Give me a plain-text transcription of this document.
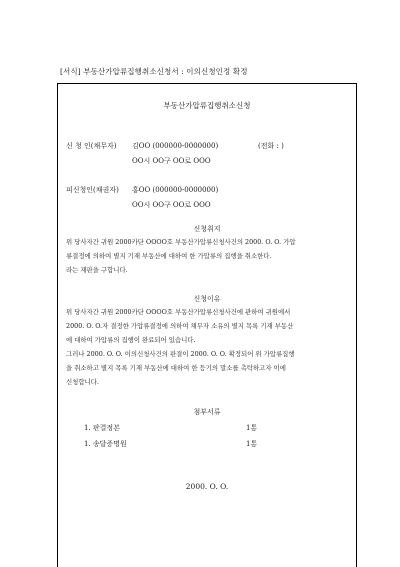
[서식] 부동산가압류집행취소신청서 : 이의신청인정 확정
부동산가압류집행취소신청
신 청 인(채무자) 김OO (000000-0000000)	(전화 : )
OO시 OO구 OO로 OOO
피신청인(채권자) 홍OO (000000-0000000)
OO시 OO구 OO로 OOO
신청취지
위 당사자간 귀원 2000카단 OOOO호 부동산가압류신청사건의 2000. O. O. 가압
류결정에 의하여 별지 기재 부동산에 대하여 한 가압류의 집행을 취소한다.
라는 재판을 구합니다.
신청이유
위 당사자간 귀원 2000카단 OOOO호 부동산가압류신청사건에 관하여 귀원에서
2000. O. O.자 결정한 가압류결정에 의하여 채무자 소유의 별지 목록 기재 부동산
에 대하여 가압류의 집행이 완료되어 있습니다.
그러나 2000. O. O. 이의신청사건의 판결이 2000. O. O. 확정되어 위 가압류집행
을 취소하고 별지 목록 기재 부동산에 대하여 한 등기의 말소를 촉탁하고자 이에
신청합니다.
첨부서류
1. 판결정본	1통
1. 송달증명원	1통
2000. O. O.
